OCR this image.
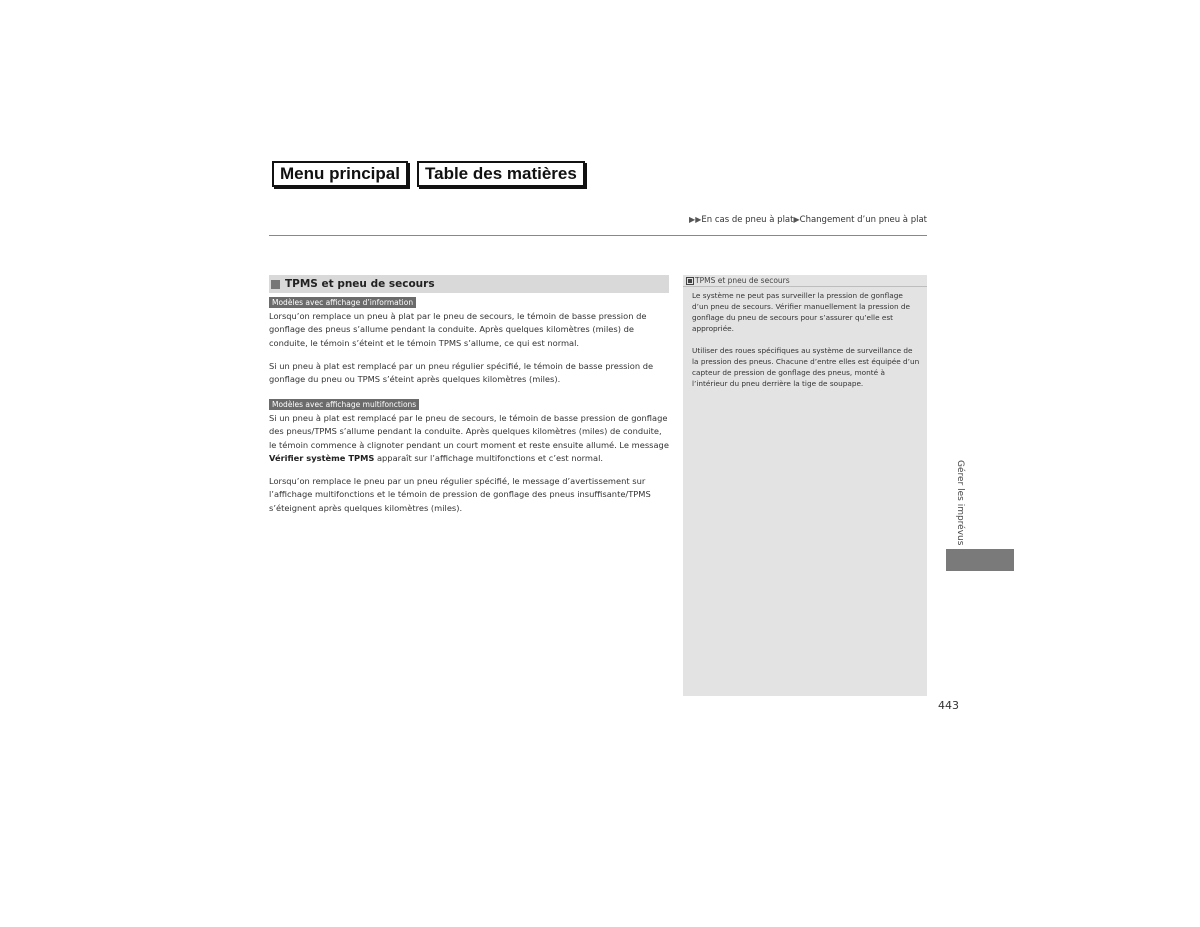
Menu principal	Table des matières
▶▶En cas de pneu à plat▶Changement d’un pneu à plat
TPMS et pneu de secours
Modèles avec affichage d’information
Lorsqu’on remplace un pneu à plat par le pneu de secours, le témoin de basse pression de gonflage des pneus s’allume pendant la conduite. Après quelques kilomètres (miles) de conduite, le témoin s’éteint et le témoin TPMS s’allume, ce qui est normal.
Si un pneu à plat est remplacé par un pneu régulier spécifié, le témoin de basse pression de gonflage du pneu ou TPMS s’éteint après quelques kilomètres (miles).
Modèles avec affichage multifonctions
Si un pneu à plat est remplacé par le pneu de secours, le témoin de basse pression de gonflage des pneus/TPMS s’allume pendant la conduite. Après quelques kilomètres (miles) de conduite, le témoin commence à clignoter pendant un court moment et reste ensuite allumé. Le message Vérifier système TPMS apparaît sur l’affichage multifonctions et c’est normal.
Lorsqu’on remplace le pneu par un pneu régulier spécifié, le message d’avertissement sur l’affichage multifonctions et le témoin de pression de gonflage des pneus insuffisante/TPMS s’éteignent après quelques kilomètres (miles).
TPMS et pneu de secours
Le système ne peut pas surveiller la pression de gonflage d’un pneu de secours. Vérifier manuellement la pression de gonflage du pneu de secours pour s’assurer qu’elle est appropriée.
Utiliser des roues spécifiques au système de surveillance de la pression des pneus. Chacune d’entre elles est équipée d’un capteur de pression de gonflage des pneus, monté à l’intérieur du pneu derrière la tige de soupape.
Gérer les imprévus
443
